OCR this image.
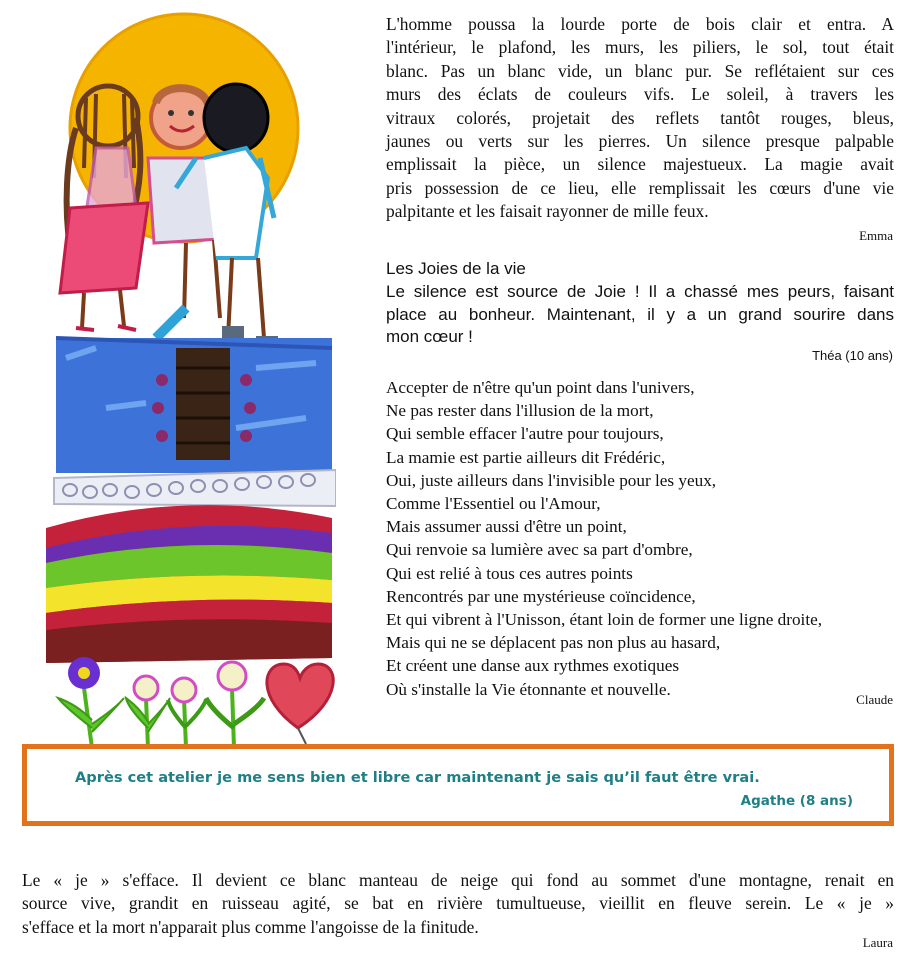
L'homme poussa la lourde porte de bois clair et entra. A
l'intérieur, le plafond, les murs, les piliers, le sol, tout était
blanc. Pas un blanc vide, un blanc pur. Se reflétaient sur ces
murs des éclats de couleurs vifs. Le soleil, à travers les
vitraux colorés, projetait des reflets tantôt rouges, bleus,
jaunes ou verts sur les pierres. Un silence presque palpable
emplissait la pièce, un silence majestueux. La magie avait
pris possession de ce lieu, elle remplissait les cœurs d'une vie
palpitante et les faisait rayonner de mille feux.

Emma
Les Joies de la vie
Le silence est source de Joie ! Il a chassé mes peurs, faisant
place au bonheur. Maintenant, il y a un grand sourire dans
mon cœur !
Théa (10 ans)
Accepter de n'être qu'un point dans l'univers,
Ne pas rester dans l'illusion de la mort,
Qui semble effacer l'autre pour toujours,
La mamie est partie ailleurs dit Frédéric,
Oui, juste ailleurs dans l'invisible pour les yeux,
Comme l'Essentiel ou l'Amour,
Mais assumer aussi d'être un point,
Qui renvoie sa lumière avec sa part d'ombre,
Qui est relié à tous ces autres points
Rencontrés par une mystérieuse coïncidence,
Et qui vibrent à l'Unisson, étant loin de former une ligne droite,
Mais qui ne se déplacent pas non plus au hasard,
Et créent une danse aux rythmes exotiques
Où s'installe la Vie étonnante et nouvelle.
Claude
Après cet atelier je me sens bien et libre car maintenant je sais qu’il faut être vrai.
Agathe (8 ans)

Le « je » s'efface. Il devient ce blanc manteau de neige qui fond au sommet d'une montagne, renait en
source vive, grandit en ruisseau agité, se bat en rivière tumultueuse, vieillit en fleuve serein. Le « je »
s'efface et la mort n'apparait plus comme l'angoisse de la finitude.

Laura
